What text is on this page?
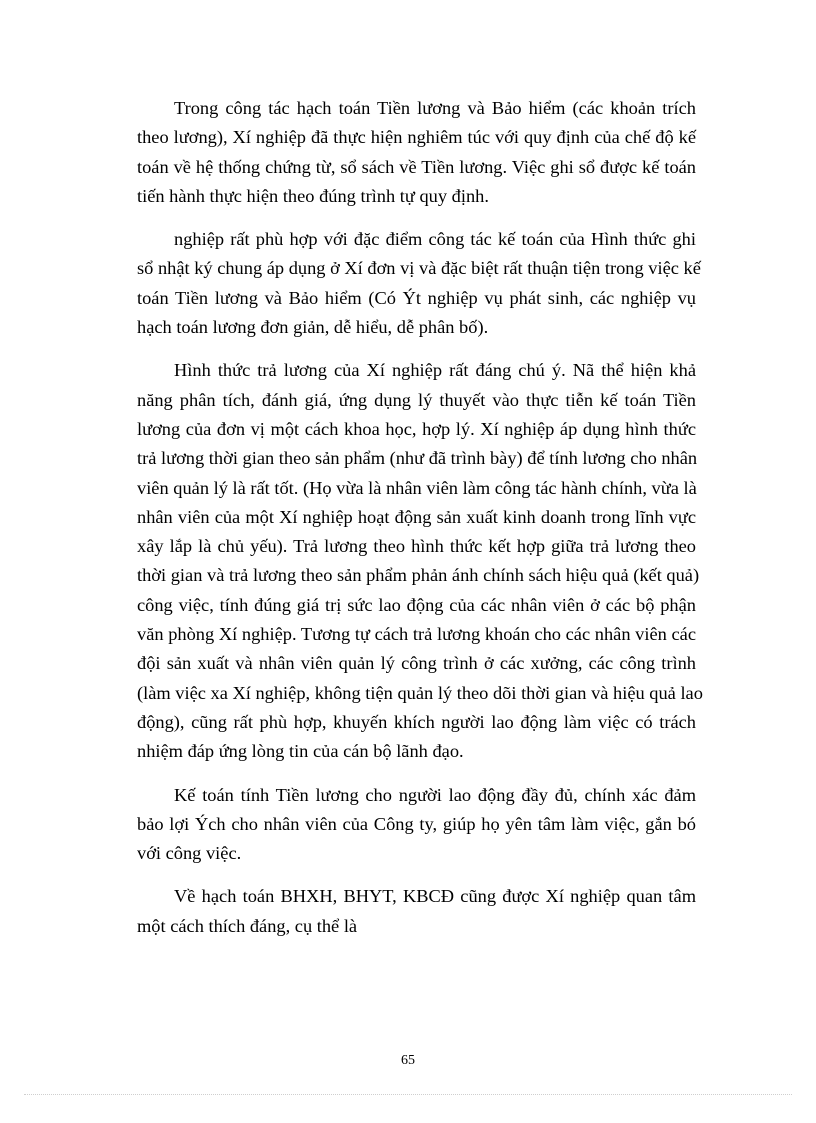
Trong công tác hạch toán Tiền lương và Bảo hiểm (các khoản trích
theo lương), Xí nghiệp đã thực hiện nghiêm túc với quy định của chế độ kế
toán về hệ thống chứng từ, sổ sách về Tiền lương. Việc ghi sổ được kế toán
tiến hành thực hiện theo đúng trình tự quy định.

nghiệp rất phù hợp với đặc điểm công tác kế toán của Hình thức ghi
sổ nhật ký chung áp dụng ở Xí đơn vị và đặc biệt rất thuận tiện trong việc kế
toán Tiền lương và Bảo hiểm (Có Ýt nghiệp vụ phát sinh, các nghiệp vụ
hạch toán lương đơn giản, dễ hiểu, dễ phân bố).

Hình thức trả lương của Xí nghiệp rất đáng chú ý. Nã thể hiện khả
năng phân tích, đánh giá, ứng dụng lý thuyết vào thực tiễn kế toán Tiền
lương của đơn vị một cách khoa học, hợp lý. Xí nghiệp áp dụng hình thức
trả lương thời gian theo sản phẩm (như đã trình bày) để tính lương cho nhân
viên quản lý là rất tốt. (Họ vừa là nhân viên làm công tác hành chính, vừa là
nhân viên của một Xí nghiệp hoạt động sản xuất kinh doanh trong lĩnh vực
xây lắp là chủ yếu). Trả lương theo hình thức kết hợp giữa trả lương theo
thời gian và trả lương theo sản phẩm phản ánh chính sách hiệu quả (kết quả)
công việc, tính đúng giá trị sức lao động của các nhân viên ở các bộ phận
văn phòng Xí nghiệp. Tương tự cách trả lương khoán cho các nhân viên các
đội sản xuất và nhân viên quản lý công trình ở các xưởng, các công trình
(làm việc xa Xí nghiệp, không tiện quản lý theo dõi thời gian và hiệu quả lao
động), cũng rất phù hợp, khuyến khích người lao động làm việc có trách
nhiệm đáp ứng lòng tin của cán bộ lãnh đạo.

Kế toán tính Tiền lương cho người lao động đầy đủ, chính xác đảm
bảo lợi Ých cho nhân viên của Công ty, giúp họ yên tâm làm việc, gắn bó
với công việc.

Về hạch toán BHXH, BHYT, KBCĐ cũng được Xí nghiệp quan tâm
một cách thích đáng, cụ thể là

65
